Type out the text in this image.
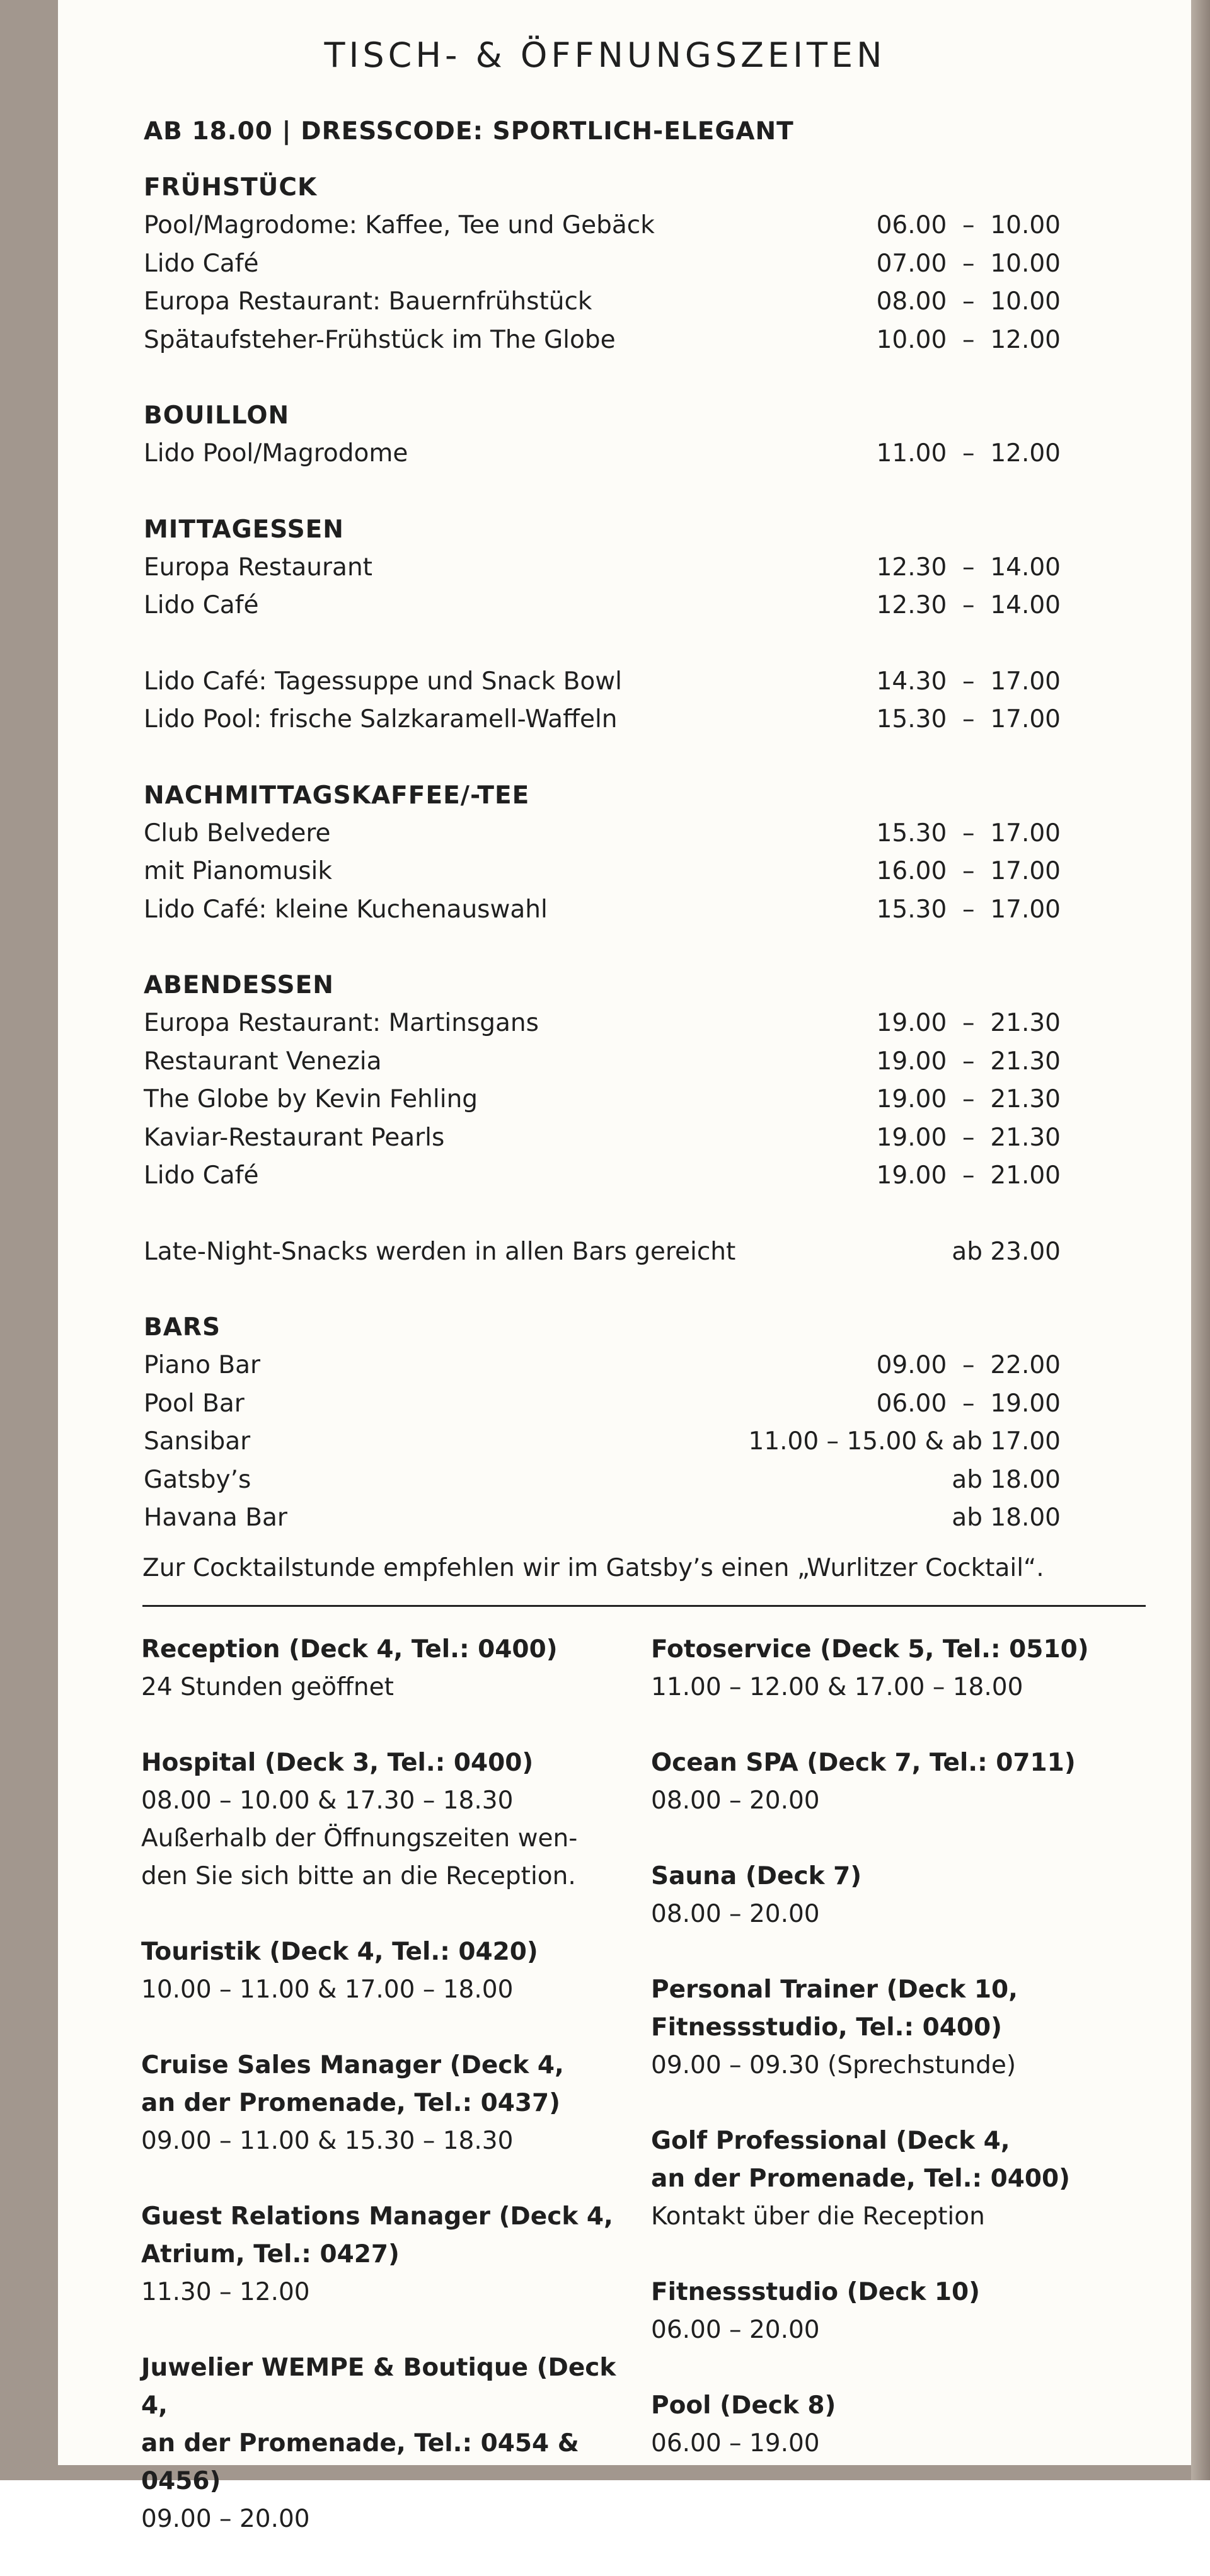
TISCH- & ÖFFNUNGSZEITEN
AB 18.00 | DRESSCODE: SPORTLICH-ELEGANT
FRÜHSTÜCK
Pool/Magrodome: Kaffee, Tee und Gebäck	06.00  –  10.00
Lido Café	07.00  –  10.00
Europa Restaurant: Bauernfrühstück	08.00  –  10.00
Spätaufsteher-Frühstück im The Globe	10.00  –  12.00
BOUILLON
Lido Pool/Magrodome	11.00  –  12.00
MITTAGESSEN
Europa Restaurant	12.30  –  14.00
Lido Café	12.30  –  14.00
Lido Café: Tagessuppe und Snack Bowl	14.30  –  17.00
Lido Pool: frische Salzkaramell-Waffeln	15.30  –  17.00
NACHMITTAGSKAFFEE/-TEE
Club Belvedere	15.30  –  17.00
mit Pianomusik	16.00  –  17.00
Lido Café: kleine Kuchenauswahl	15.30  –  17.00
ABENDESSEN
Europa Restaurant: Martinsgans	19.00  –  21.30
Restaurant Venezia	19.00  –  21.30
The Globe by Kevin Fehling	19.00  –  21.30
Kaviar-Restaurant Pearls	19.00  –  21.30
Lido Café	19.00  –  21.00
Late-Night-Snacks werden in allen Bars gereicht	ab 23.00
BARS
Piano Bar	09.00  –  22.00
Pool Bar	06.00  –  19.00
Sansibar	11.00 – 15.00 & ab 17.00
Gatsby’s	ab 18.00
Havana Bar	ab 18.00
Zur Cocktailstunde empfehlen wir im Gatsby’s einen „Wurlitzer Cocktail“.
Reception (Deck 4, Tel.: 0400)
24 Stunden geöffnet
Hospital (Deck 3, Tel.: 0400)
08.00 – 10.00 & 17.30 – 18.30
Außerhalb der Öffnungszeiten wen-
den Sie sich bitte an die Reception.
Touristik (Deck 4, Tel.: 0420)
10.00 – 11.00 & 17.00 – 18.00
Cruise Sales Manager (Deck 4,
an der Promenade, Tel.: 0437)
09.00 – 11.00 & 15.30 – 18.30
Guest Relations Manager (Deck 4,
Atrium, Tel.: 0427)
11.30 – 12.00
Juwelier WEMPE & Boutique (Deck 4,
an der Promenade, Tel.: 0454 & 0456)
09.00 – 20.00
Fotoservice (Deck 5, Tel.: 0510)
11.00 – 12.00 & 17.00 – 18.00
Ocean SPA (Deck 7, Tel.: 0711)
08.00 – 20.00
Sauna (Deck 7)
08.00 – 20.00
Personal Trainer (Deck 10,
Fitnessstudio, Tel.: 0400)
09.00 – 09.30 (Sprechstunde)
Golf Professional (Deck 4,
an der Promenade, Tel.: 0400)
Kontakt über die Reception
Fitnessstudio (Deck 10)
06.00 – 20.00
Pool (Deck 8)
06.00 – 19.00
